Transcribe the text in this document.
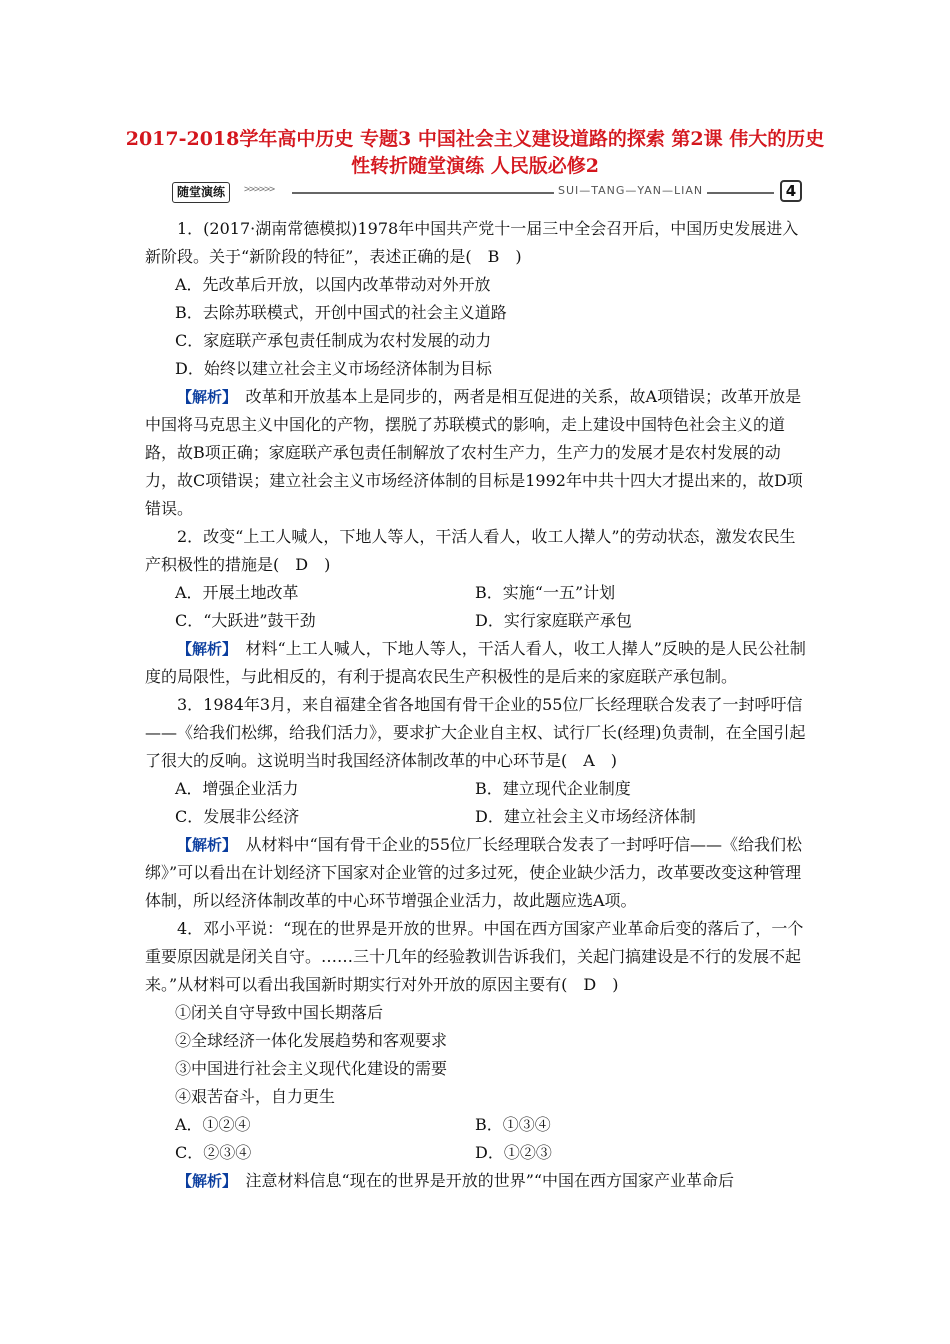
2017-2018学年高中历史 专题3 中国社会主义建设道路的探索 第2课 伟大的历史性转折随堂演练 人民版必修2
随堂演练	>>>>>>	SUI—TANG—YAN—LIAN	4

1．(2017·湖南常德模拟)1978年中国共产党十一届三中全会召开后，中国历史发展进入新阶段。关于“新阶段的特征”，表述正确的是(　B　)

A．先改革后开放，以国内改革带动对外开放

B．去除苏联模式，开创中国式的社会主义道路

C．家庭联产承包责任制成为农村发展的动力

D．始终以建立社会主义市场经济体制为目标

【解析】　改革和开放基本上是同步的，两者是相互促进的关系，故A项错误；改革开放是中国将马克思主义中国化的产物，摆脱了苏联模式的影响，走上建设中国特色社会主义的道路，故B项正确；家庭联产承包责任制解放了农村生产力，生产力的发展才是农村发展的动力，故C项错误；建立社会主义市场经济体制的目标是1992年中共十四大才提出来的，故D项错误。

2．改变“上工人喊人，下地人等人，干活人看人，收工人撵人”的劳动状态，激发农民生产积极性的措施是(　D　)

A．开展土地改革	B．实施“一五”计划
C．“大跃进”鼓干劲	D．实行家庭联产承包

【解析】　材料“上工人喊人，下地人等人，干活人看人，收工人撵人”反映的是人民公社制度的局限性，与此相反的，有利于提高农民生产积极性的是后来的家庭联产承包制。

3．1984年3月，来自福建全省各地国有骨干企业的55位厂长经理联合发表了一封呼吁信——《给我们松绑，给我们活力》，要求扩大企业自主权、试行厂长(经理)负责制，在全国引起了很大的反响。这说明当时我国经济体制改革的中心环节是(　A　)

A．增强企业活力	B．建立现代企业制度
C．发展非公经济	D．建立社会主义市场经济体制

【解析】　从材料中“国有骨干企业的55位厂长经理联合发表了一封呼吁信——《给我们松绑》”可以看出在计划经济下国家对企业管的过多过死，使企业缺少活力，改革要改变这种管理体制，所以经济体制改革的中心环节增强企业活力，故此题应选A项。

4．邓小平说：“现在的世界是开放的世界。中国在西方国家产业革命后变的落后了，一个重要原因就是闭关自守。……三十几年的经验教训告诉我们，关起门搞建设是不行的发展不起来。”从材料可以看出我国新时期实行对外开放的原因主要有(　D　)

①闭关自守导致中国长期落后

②全球经济一体化发展趋势和客观要求

③中国进行社会主义现代化建设的需要

④艰苦奋斗，自力更生

A．①②④	B．①③④
C．②③④	D．①②③

【解析】　注意材料信息“现在的世界是开放的世界”“中国在西方国家产业革命后
